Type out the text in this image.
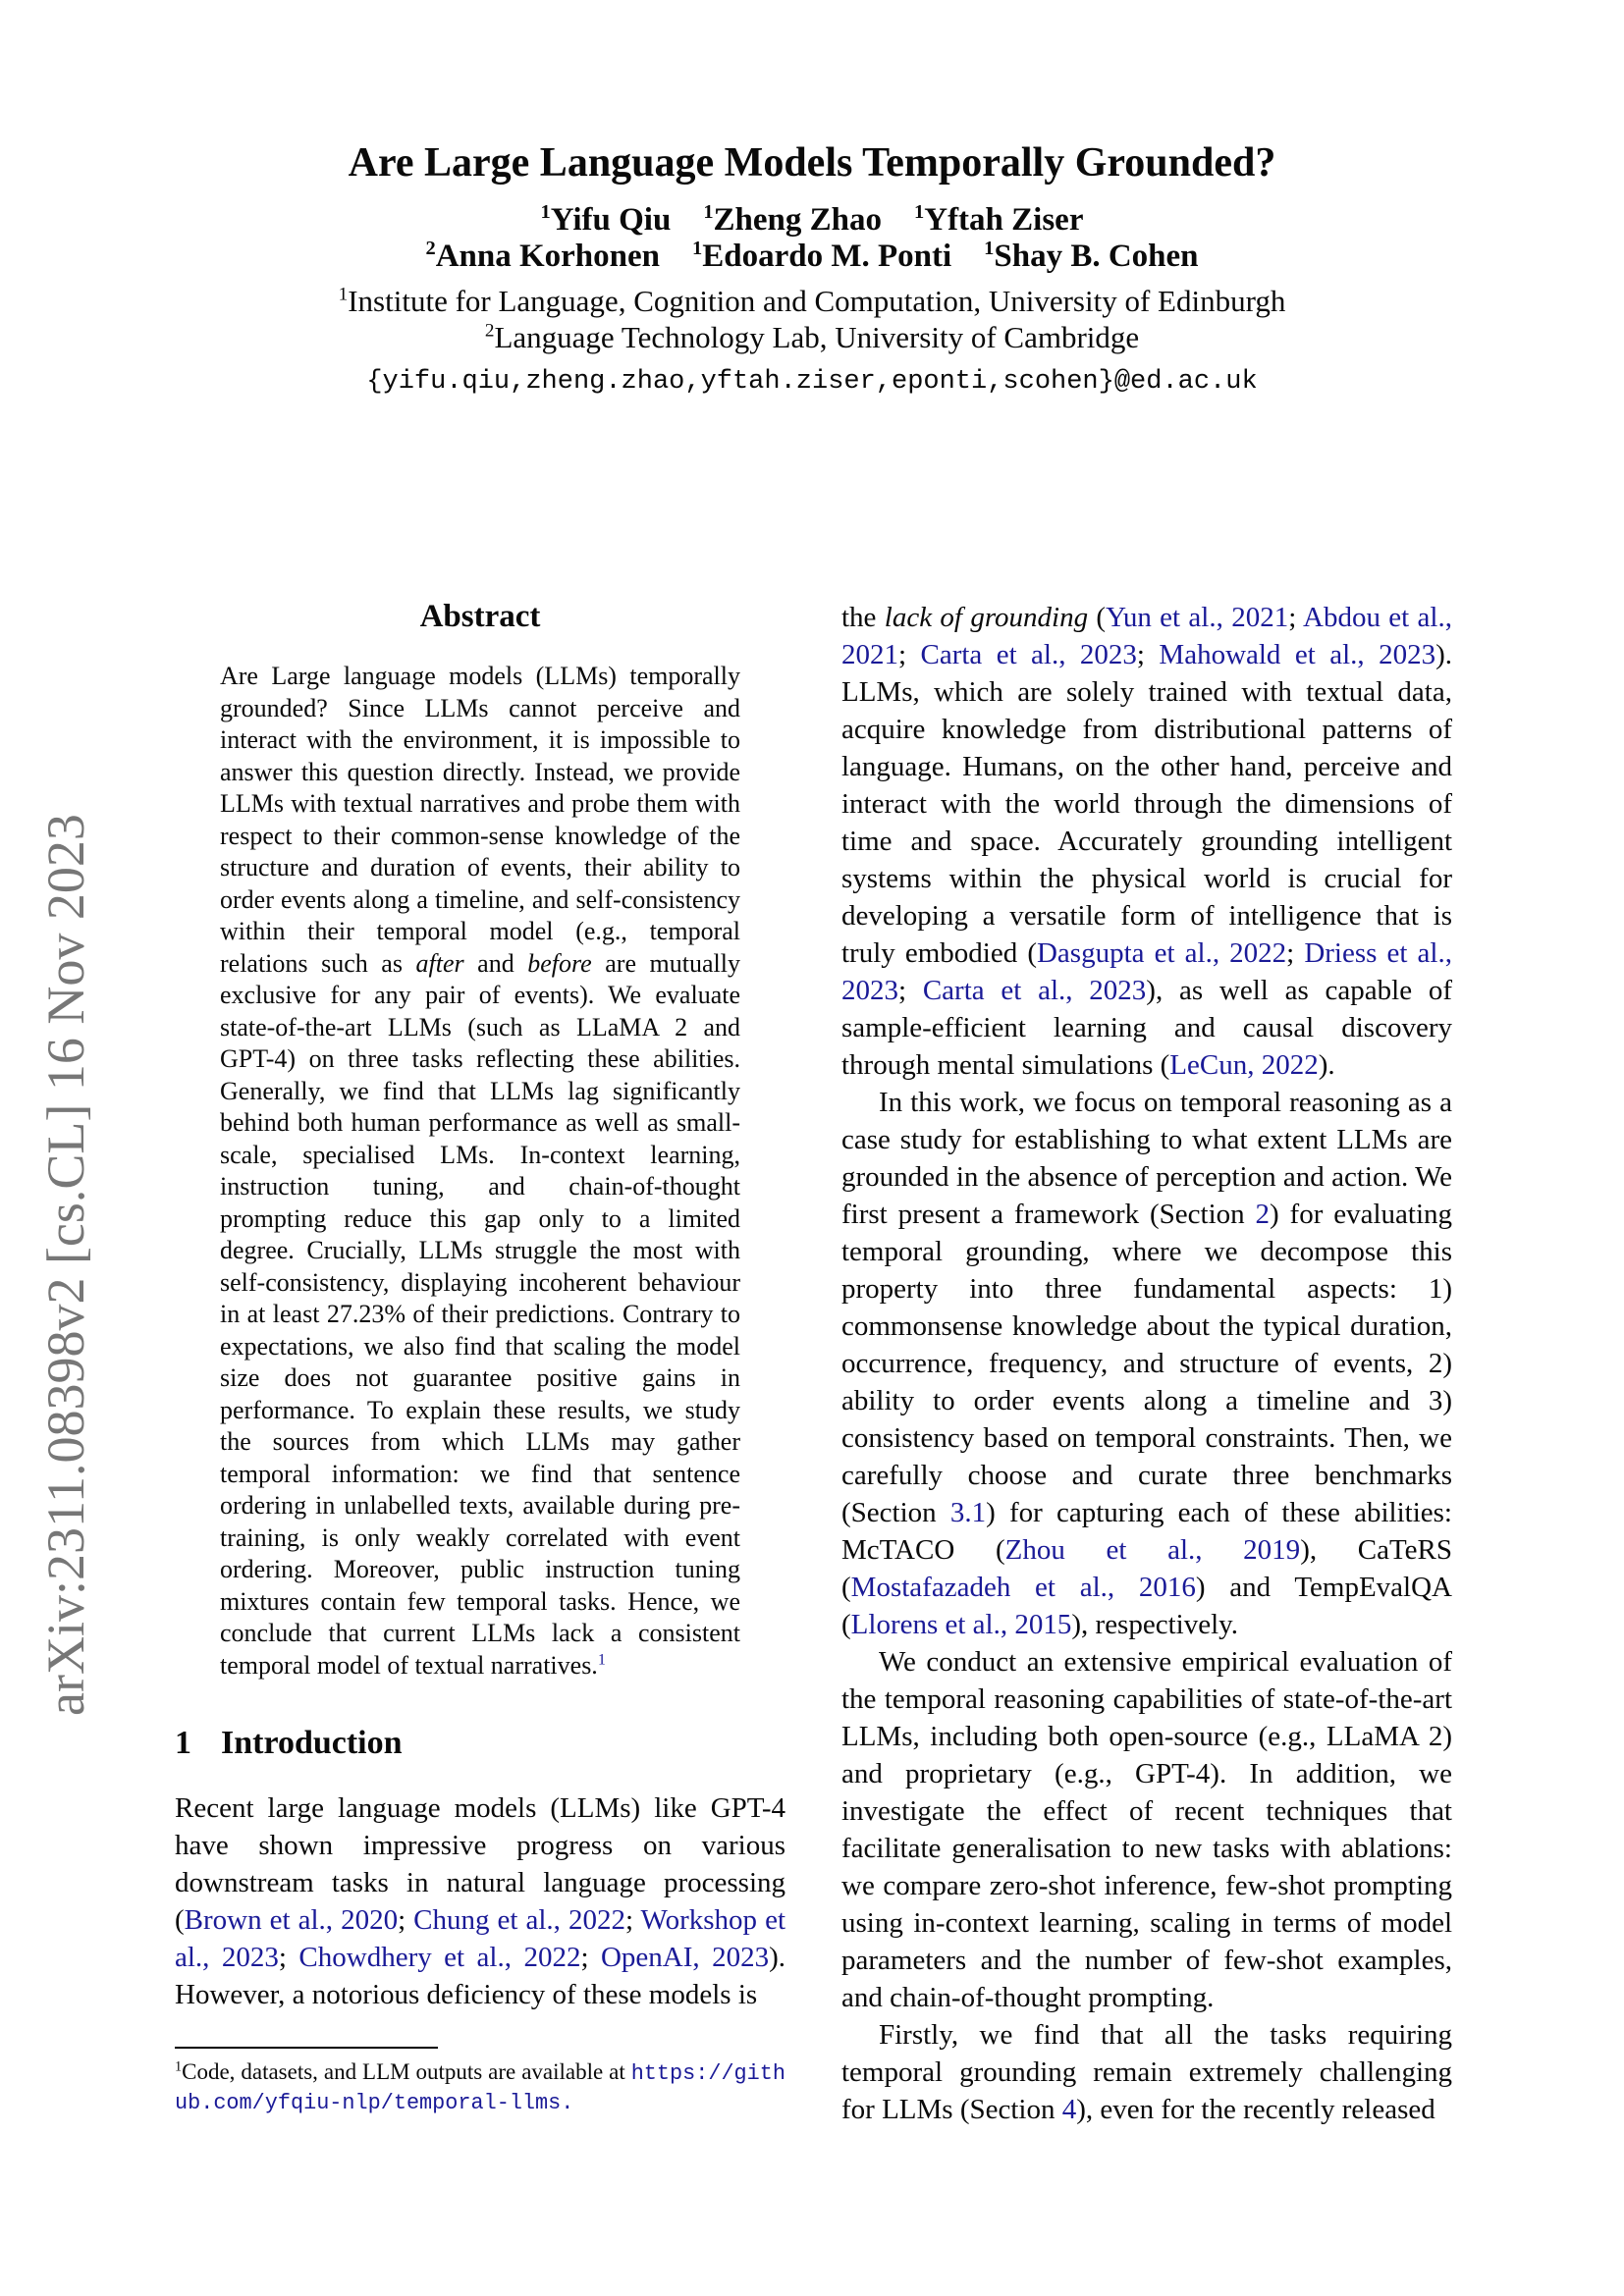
arXiv:2311.08398v2 [cs.CL] 16 Nov 2023
Are Large Language Models Temporally Grounded?
$^1$Yifu Qiu  $^1$Zheng Zhao  $^1$Yftah Ziser
$^2$Anna Korhonen  $^1$Edoardo M. Ponti  $^1$Shay B. Cohen
$^1$Institute for Language, Cognition and Computation, University of Edinburgh
$^2$Language Technology Lab, University of Cambridge
{yifu.qiu,zheng.zhao,yftah.ziser,eponti,scohen}@ed.ac.uk
Abstract
Are Large language models (LLMs) temporally grounded? Since LLMs cannot perceive and interact with the environment, it is impossible to answer this question directly. Instead, we provide LLMs with textual narratives and probe them with respect to their common-sense knowledge of the structure and duration of events, their ability to order events along a timeline, and self-consistency within their temporal model (e.g., temporal relations such as after and before are mutually exclusive for any pair of events). We evaluate state-of-the-art LLMs (such as LLaMA 2 and GPT-4) on three tasks reflecting these abilities. Generally, we find that LLMs lag significantly behind both human performance as well as small-scale, specialised LMs. In-context learning, instruction tuning, and chain-of-thought prompting reduce this gap only to a limited degree. Crucially, LLMs struggle the most with self-consistency, displaying incoherent behaviour in at least 27.23% of their predictions. Contrary to expectations, we also find that scaling the model size does not guarantee positive gains in performance. To explain these results, we study the sources from which LLMs may gather temporal information: we find that sentence ordering in unlabelled texts, available during pre-training, is only weakly correlated with event ordering. Moreover, public instruction tuning mixtures contain few temporal tasks. Hence, we conclude that current LLMs lack a consistent temporal model of textual narratives.$^1$
1 Introduction

Recent large language models (LLMs) like GPT-4 have shown impressive progress on various downstream tasks in natural language processing (Brown et al., 2020; Chung et al., 2022; Workshop et al., 2023; Chowdhery et al., 2022; OpenAI, 2023). However, a notorious deficiency of these models is

$^1$Code, datasets, and LLM outputs are available at https://github.com/yfqiu-nlp/temporal-llms.

the lack of grounding (Yun et al., 2021; Abdou et al., 2021; Carta et al., 2023; Mahowald et al., 2023). LLMs, which are solely trained with textual data, acquire knowledge from distributional patterns of language. Humans, on the other hand, perceive and interact with the world through the dimensions of time and space. Accurately grounding intelligent systems within the physical world is crucial for developing a versatile form of intelligence that is truly embodied (Dasgupta et al., 2022; Driess et al., 2023; Carta et al., 2023), as well as capable of sample-efficient learning and causal discovery through mental simulations (LeCun, 2022).

In this work, we focus on temporal reasoning as a case study for establishing to what extent LLMs are grounded in the absence of perception and action. We first present a framework (Section 2) for evaluating temporal grounding, where we decompose this property into three fundamental aspects: 1) commonsense knowledge about the typical duration, occurrence, frequency, and structure of events, 2) ability to order events along a timeline and 3) consistency based on temporal constraints. Then, we carefully choose and curate three benchmarks (Section 3.1) for capturing each of these abilities: McTACO (Zhou et al., 2019), CaTeRS (Mostafazadeh et al., 2016) and TempEvalQA (Llorens et al., 2015), respectively.

We conduct an extensive empirical evaluation of the temporal reasoning capabilities of state-of-the-art LLMs, including both open-source (e.g., LLaMA 2) and proprietary (e.g., GPT-4). In addition, we investigate the effect of recent techniques that facilitate generalisation to new tasks with ablations: we compare zero-shot inference, few-shot prompting using in-context learning, scaling in terms of model parameters and the number of few-shot examples, and chain-of-thought prompting.

Firstly, we find that all the tasks requiring temporal grounding remain extremely challenging for LLMs (Section 4), even for the recently released
